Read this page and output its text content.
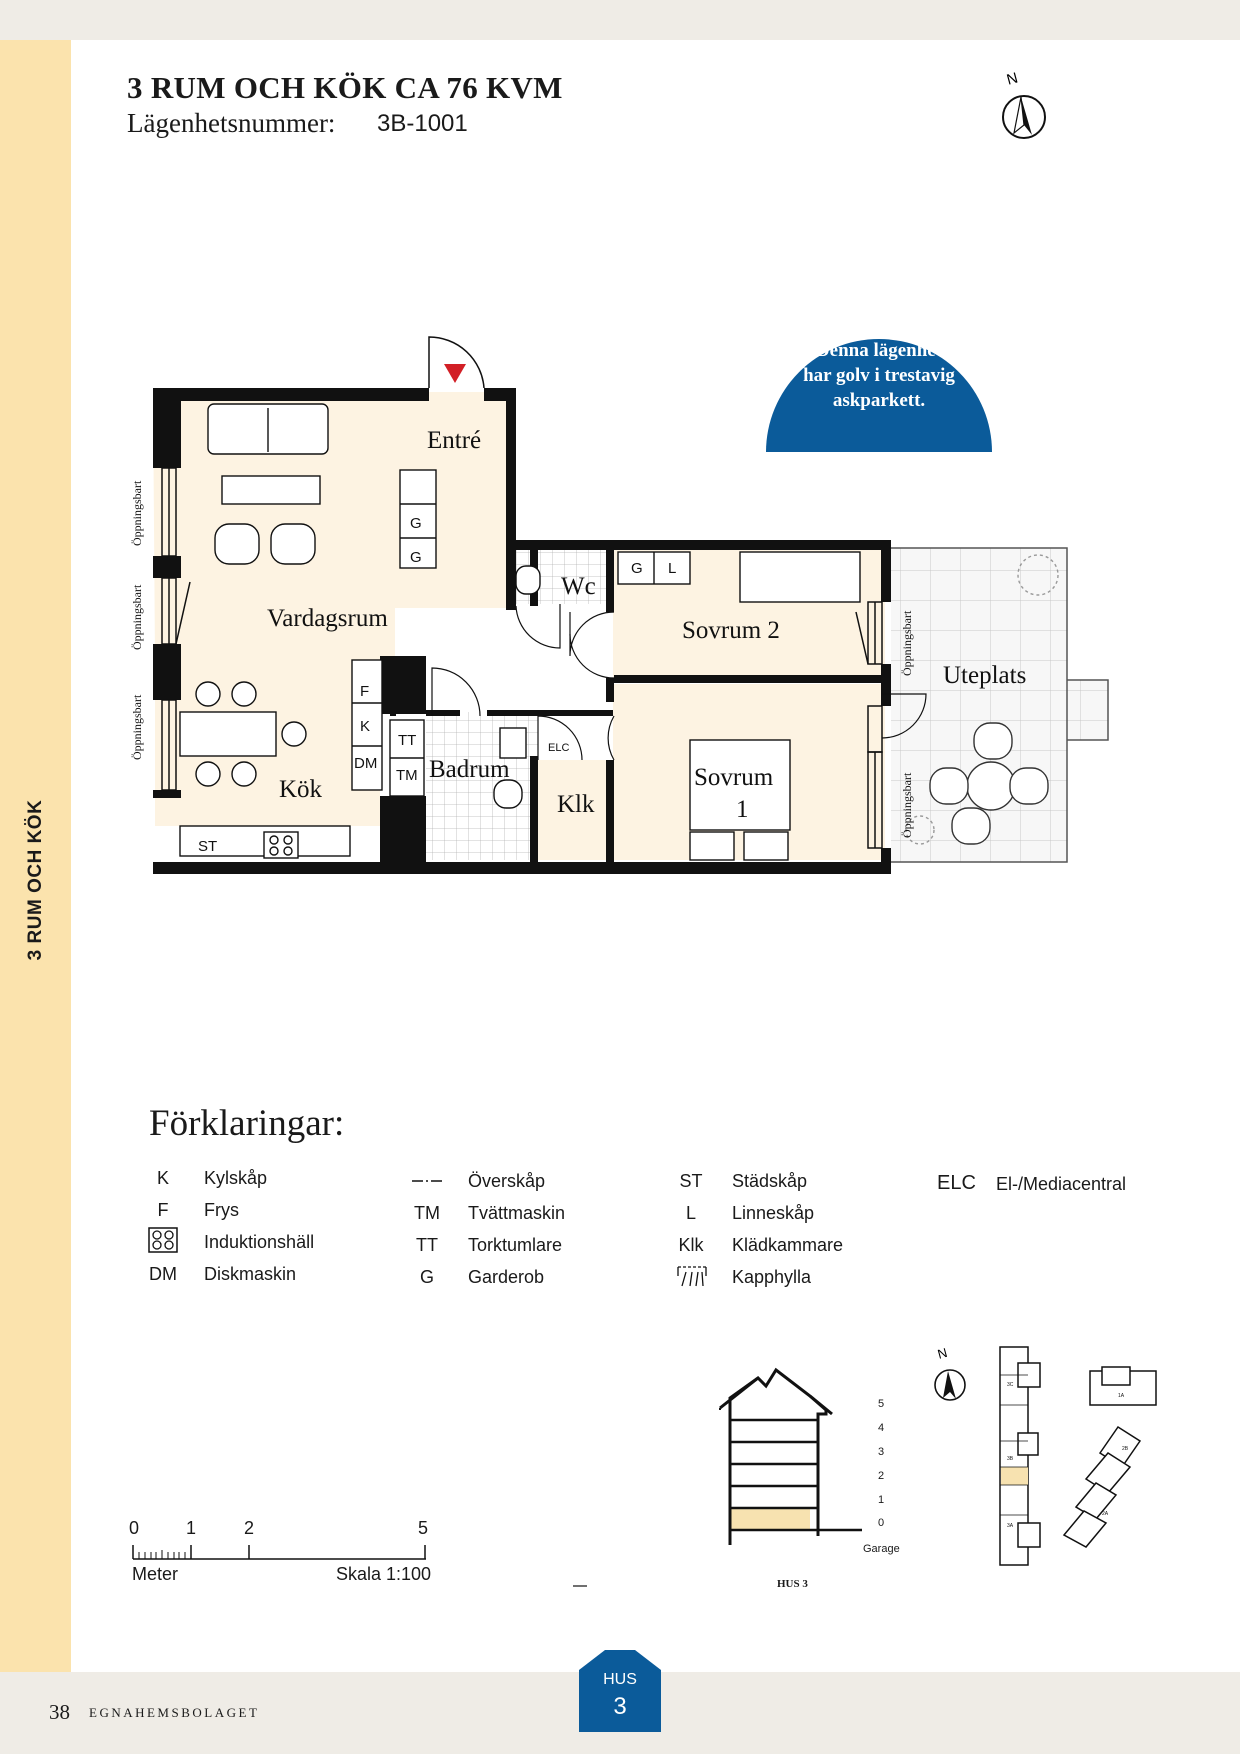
3 RUM OCH KÖK
3 RUM OCH KÖK CA 76 KVM
Lägenhetsnummer: 3B-1001
N
Denna lägenhet
har golv i trestavig
askparkett.
Entré
Vardagsrum
Kök
Wc
Sovrum 2
Badrum
Klk
Sovrum
1
Uteplats
G
G
G L
F
K
DM
TT
TM
ST
ELC
Öppningsbart
Öppningsbart
Öppningsbart
Öppningsbart
Öppningsbart
Förklaringar:
K	Kylskåp
F	Frys
Induktionshäll
DM	Diskmaskin
Överskåp
TM	Tvättmaskin
TT	Torktumlare
G	Garderob
ST	Städskåp
L	Linneskåp
Klk	Klädkammare
Kapphylla
ELC El-/Mediacentral
0	1	2	5
Meter	Skala 1:100
5
4
3
2
1
0
Garage
HUS 3
N
3C
3B
3A
1A
2B
2A
38 EGNAHEMSBOLAGET
HUS
3
